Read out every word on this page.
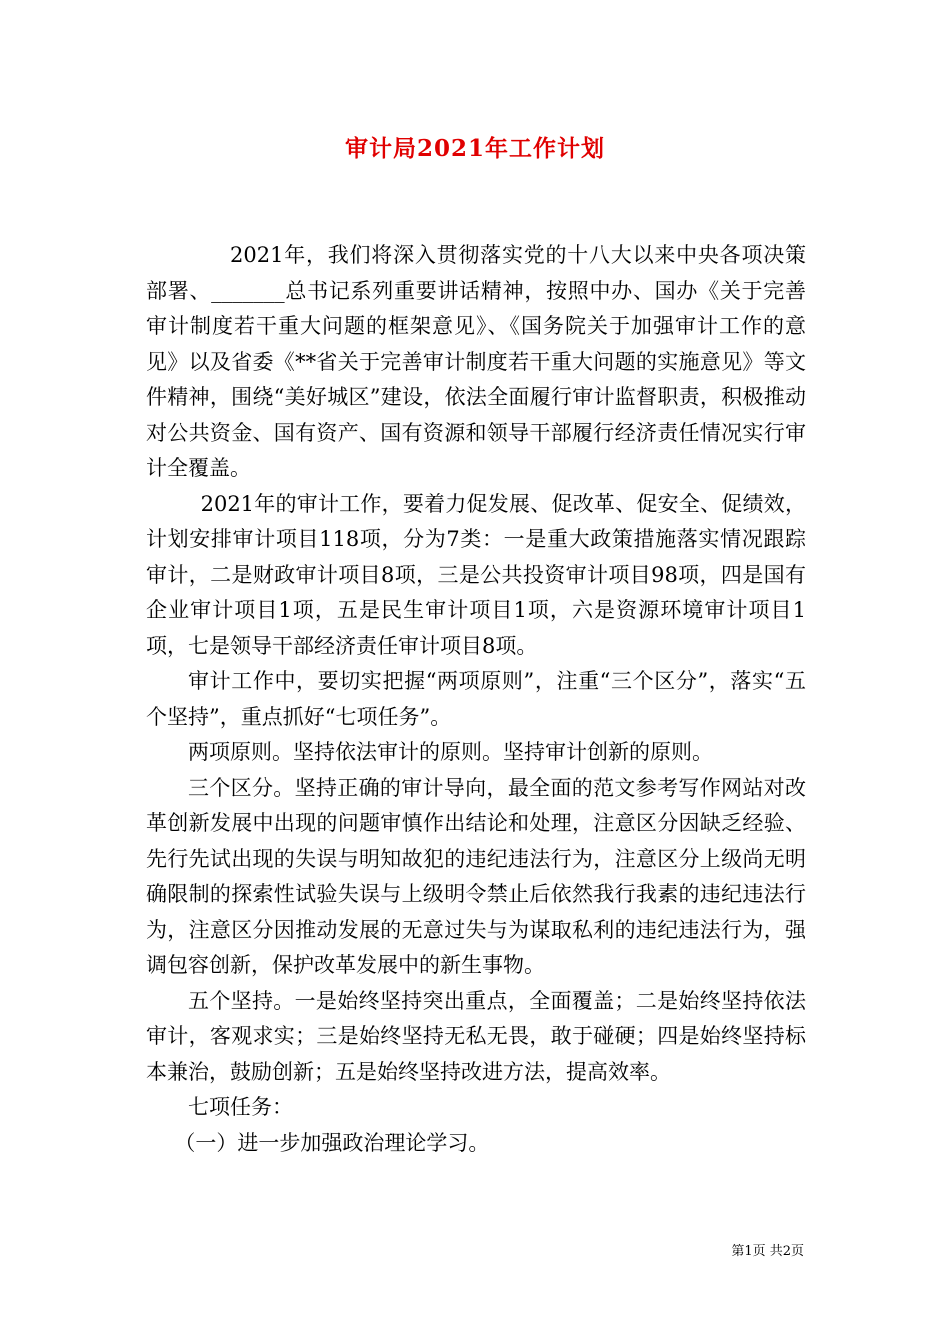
审计局2021年工作计划

2021年，我们将深入贯彻落实党的十八大以来中央各项决策部署、_______总书记系列重要讲话精神，按照中办、国办《关于完善审计制度若干重大问题的框架意见》、《国务院关于加强审计工作的意见》以及省委《**省关于完善审计制度若干重大问题的实施意见》等文件精神，围绕“美好城区”建设，依法全面履行审计监督职责，积极推动对公共资金、国有资产、国有资源和领导干部履行经济责任情况实行审计全覆盖。

2021年的审计工作，要着力促发展、促改革、促安全、促绩效，计划安排审计项目118项，分为7类：一是重大政策措施落实情况跟踪审计，二是财政审计项目8项，三是公共投资审计项目98项，四是国有企业审计项目1项，五是民生审计项目1项，六是资源环境审计项目1项，七是领导干部经济责任审计项目8项。

审计工作中，要切实把握“两项原则”，注重“三个区分”，落实“五个坚持”，重点抓好“七项任务”。

两项原则。坚持依法审计的原则。坚持审计创新的原则。

三个区分。坚持正确的审计导向，最全面的范文参考写作网站对改革创新发展中出现的问题审慎作出结论和处理，注意区分因缺乏经验、先行先试出现的失误与明知故犯的违纪违法行为，注意区分上级尚无明确限制的探索性试验失误与上级明令禁止后依然我行我素的违纪违法行为，注意区分因推动发展的无意过失与为谋取私利的违纪违法行为，强调包容创新，保护改革发展中的新生事物。

五个坚持。一是始终坚持突出重点，全面覆盖；二是始终坚持依法审计，客观求实；三是始终坚持无私无畏，敢于碰硬；四是始终坚持标本兼治，鼓励创新；五是始终坚持改进方法，提高效率。

七项任务：

（一）进一步加强政治理论学习。

第1页 共2页
